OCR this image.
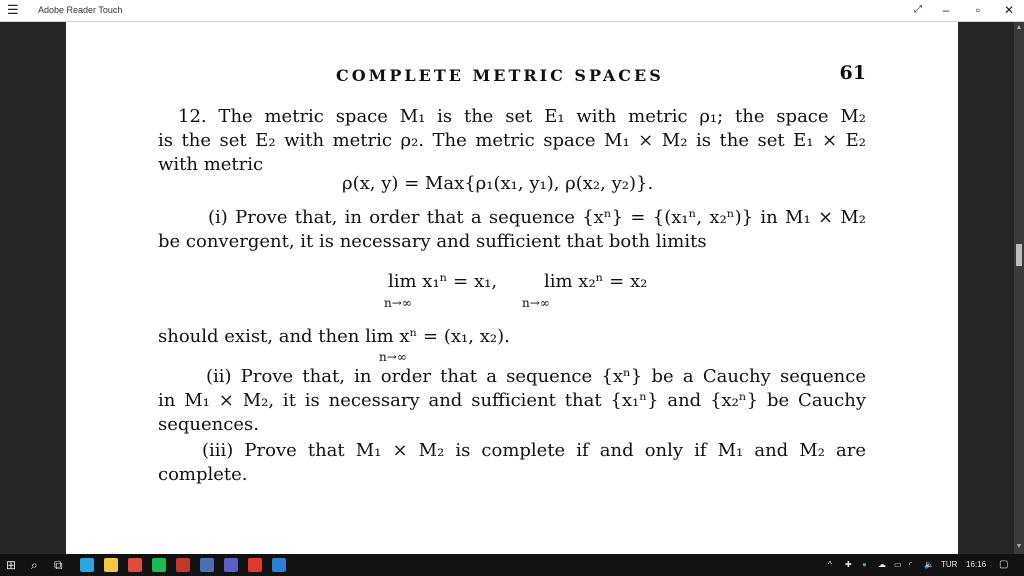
☰ Adobe Reader Touch	⤢	–	▫	✕
COMPLETE METRIC SPACES	61
12. The metric space M₁ is the set E₁ with metric ρ₁; the space M₂
is the set E₂ with metric ρ₂. The metric space M₁ × M₂ is the set E₁ × E₂
with metric
ρ(x, y) = Max{ρ₁(x₁, y₁), ρ(x₂, y₂)}.
(i) Prove that, in order that a sequence {xⁿ} = {(x₁ⁿ, x₂ⁿ)} in M₁ × M₂
be convergent, it is necessary and sufficient that both limits
lim x₁ⁿ = x₁,
n→∞
lim x₂ⁿ = x₂
n→∞
should exist, and then lim xⁿ = (x₁, x₂).
n→∞
(ii) Prove that, in order that a sequence {xⁿ} be a Cauchy sequence
in M₁ × M₂, it is necessary and sufficient that {x₁ⁿ} and {x₂ⁿ} be Cauchy
sequences.
(iii) Prove that M₁ × M₂ is complete if and only if M₁ and M₂ are
complete.
▲
▼
⊞ ⌕ ⧉	^ ✚ ● ☁ ▭ ◜ 🔈 TUR 16:16 ▢
